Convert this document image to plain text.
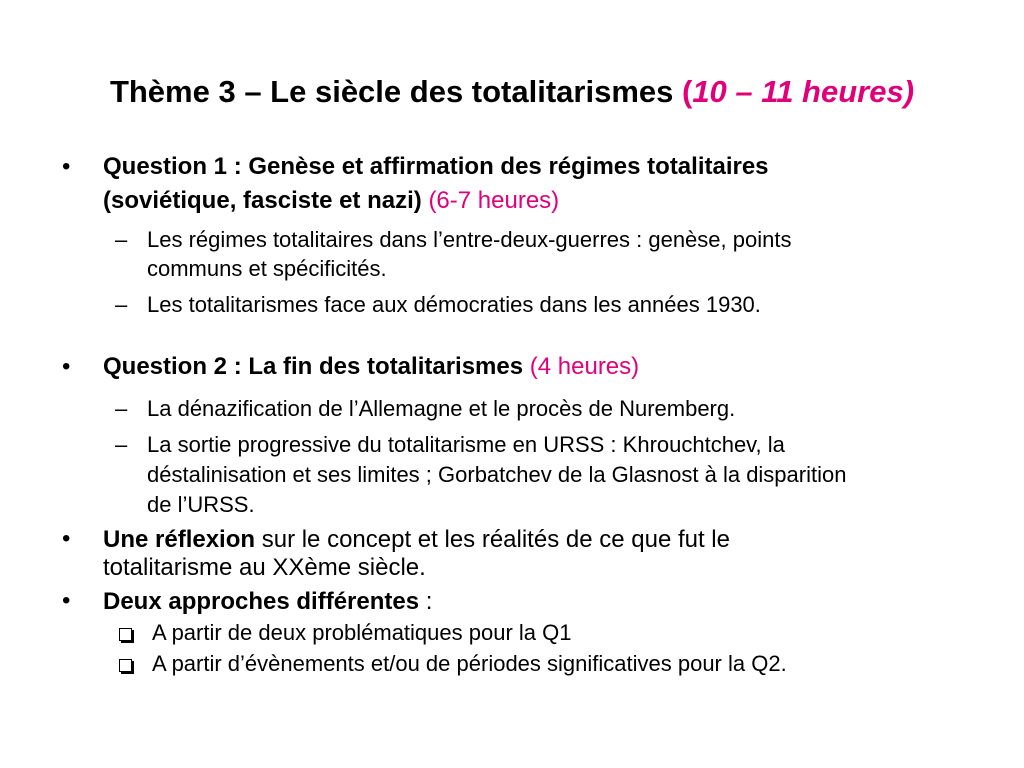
Thème 3 – Le siècle des totalitarismes (10 – 11 heures)
• Question 1 : Genèse et affirmation des régimes totalitaires
(soviétique, fasciste et nazi) (6-7 heures)
– Les régimes totalitaires dans l’entre-deux-guerres : genèse, points
communs et spécificités.
– Les totalitarismes face aux démocraties dans les années 1930.
• Question 2 : La fin des totalitarismes (4 heures)
– La dénazification de l’Allemagne et le procès de Nuremberg.
– La sortie progressive du totalitarisme en URSS : Khrouchtchev, la
déstalinisation et ses limites ; Gorbatchev de la Glasnost à la disparition
de l’URSS.
• Une réflexion sur le concept et les réalités de ce que fut le
totalitarisme au XXème siècle.
• Deux approches différentes :
A partir de deux problématiques pour la Q1
A partir d’évènements et/ou de périodes significatives pour la Q2.
